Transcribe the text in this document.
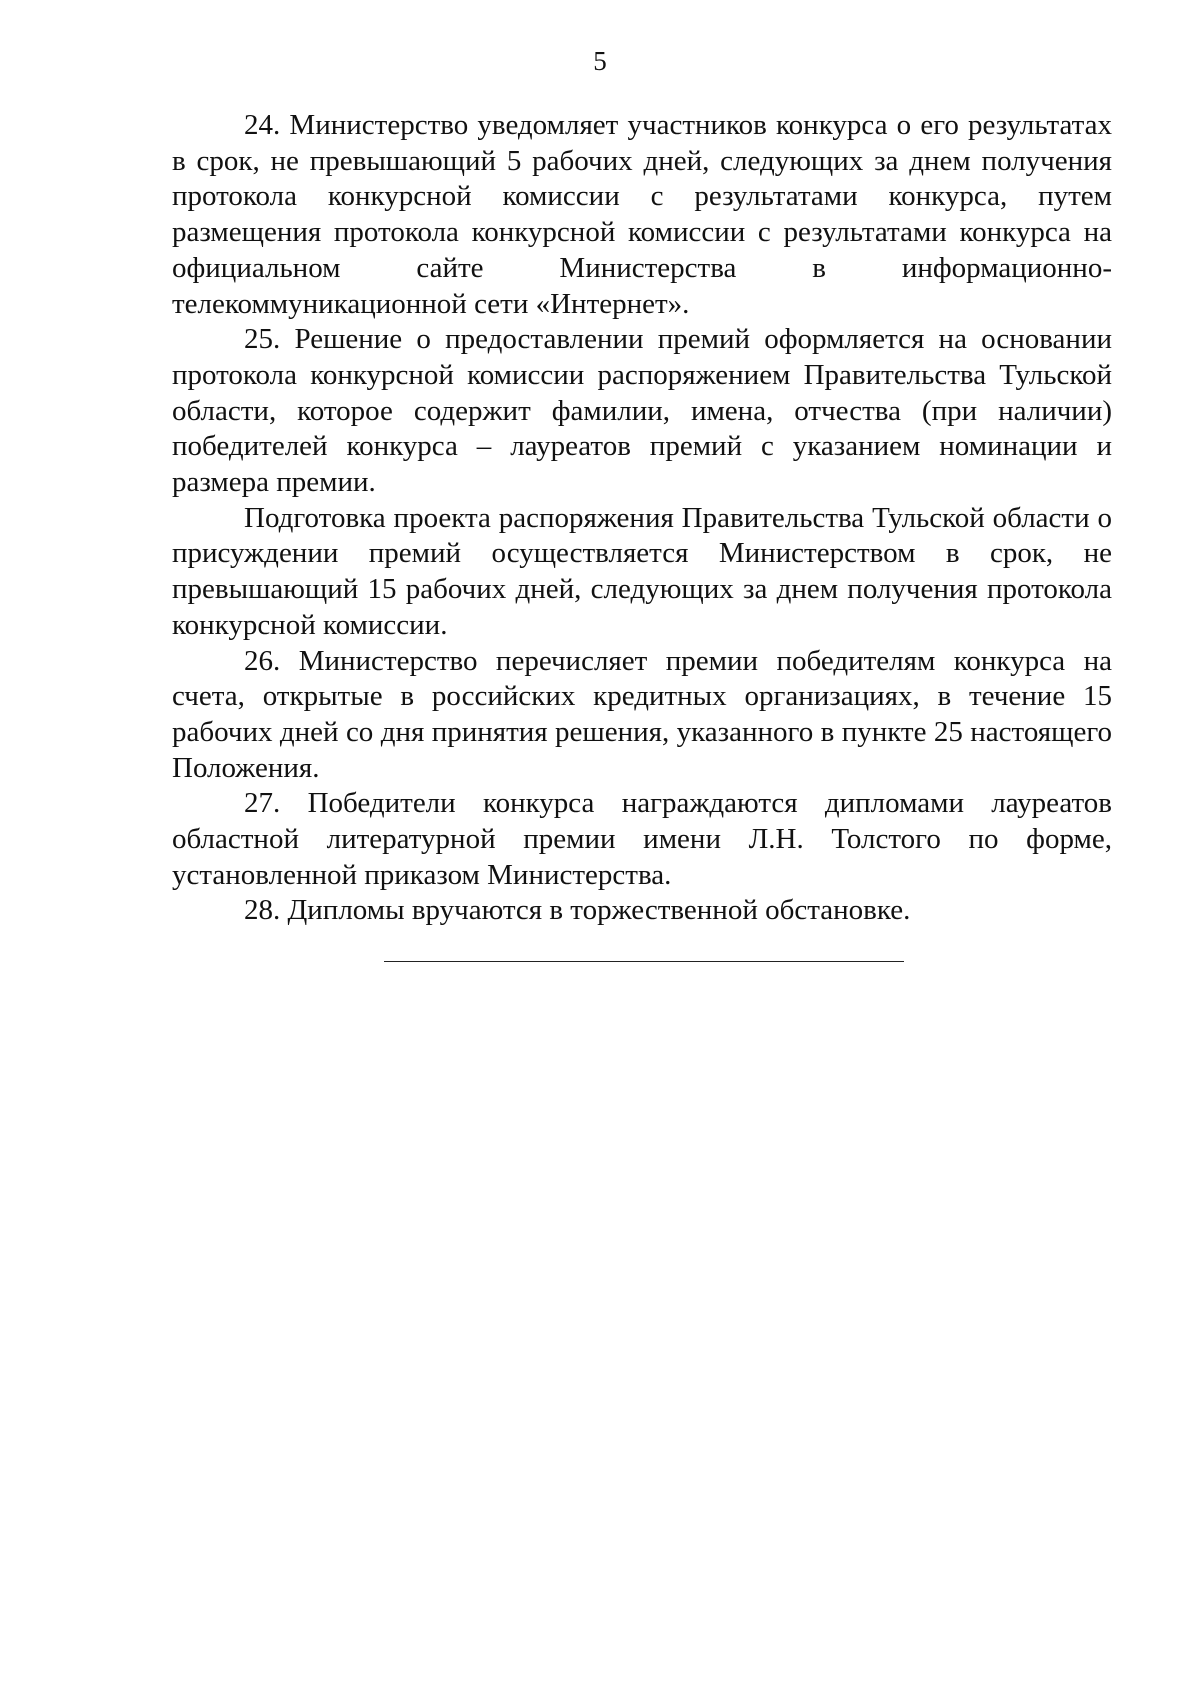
5

24. Министерство уведомляет участников конкурса о его результатах в срок, не превышающий 5 рабочих дней, следующих за днем получения протокола конкурсной комиссии с результатами конкурса, путем размещения протокола конкурсной комиссии с результатами конкурса на официальном сайте Министерства в информационно-телекоммуникационной сети «Интернет».

25. Решение о предоставлении премий оформляется на основании протокола конкурсной комиссии распоряжением Правительства Тульской области, которое содержит фамилии, имена, отчества (при наличии) победителей конкурса – лауреатов премий с указанием номинации и размера премии.

Подготовка проекта распоряжения Правительства Тульской области о присуждении премий осуществляется Министерством в срок, не превышающий 15 рабочих дней, следующих за днем получения протокола конкурсной комиссии.

26. Министерство перечисляет премии победителям конкурса на счета, открытые в российских кредитных организациях, в течение 15 рабочих дней со дня принятия решения, указанного в пункте 25 настоящего Положения.

27. Победители конкурса награждаются дипломами лауреатов областной литературной премии имени Л.Н. Толстого по форме, установленной приказом Министерства.

28. Дипломы вручаются в торжественной обстановке.
